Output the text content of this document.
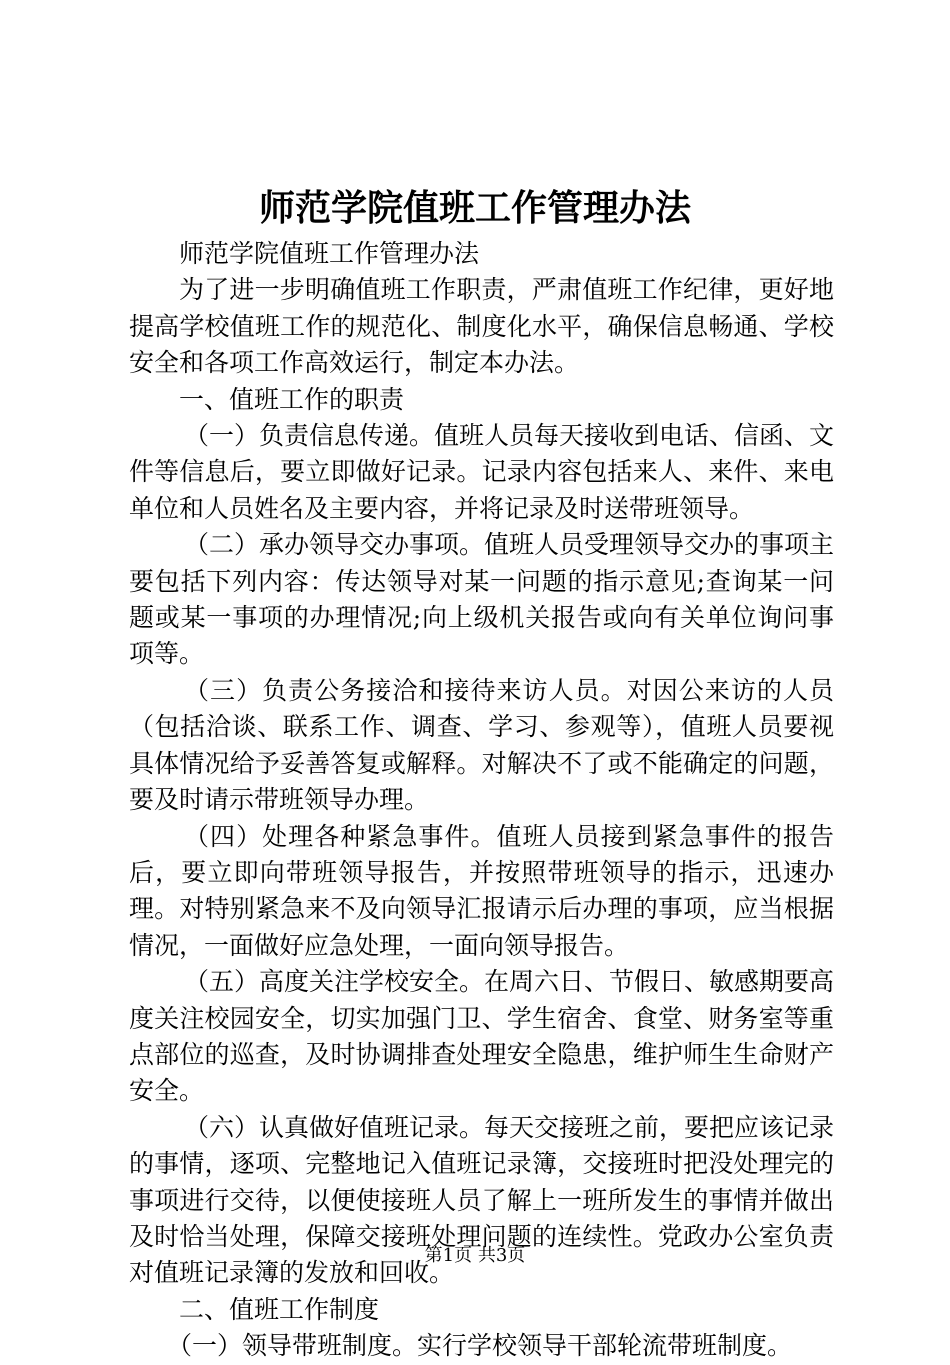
师范学院值班工作管理办法

师范学院值班工作管理办法

为了进一步明确值班工作职责，严肃值班工作纪律，更好地提高学校值班工作的规范化、制度化水平，确保信息畅通、学校安全和各项工作高效运行，制定本办法。

一、值班工作的职责

（一）负责信息传递。值班人员每天接收到电话、信函、文件等信息后，要立即做好记录。记录内容包括来人、来件、来电单位和人员姓名及主要内容，并将记录及时送带班领导。

（二）承办领导交办事项。值班人员受理领导交办的事项主要包括下列内容：传达领导对某一问题的指示意见;查询某一问题或某一事项的办理情况;向上级机关报告或向有关单位询问事项等。

（三）负责公务接洽和接待来访人员。对因公来访的人员（包括洽谈、联系工作、调查、学习、参观等），值班人员要视具体情况给予妥善答复或解释。对解决不了或不能确定的问题，要及时请示带班领导办理。

（四）处理各种紧急事件。值班人员接到紧急事件的报告后，要立即向带班领导报告，并按照带班领导的指示，迅速办理。对特别紧急来不及向领导汇报请示后办理的事项，应当根据情况，一面做好应急处理，一面向领导报告。

（五）高度关注学校安全。在周六日、节假日、敏感期要高度关注校园安全，切实加强门卫、学生宿舍、食堂、财务室等重点部位的巡查，及时协调排查处理安全隐患，维护师生生命财产安全。

（六）认真做好值班记录。每天交接班之前，要把应该记录的事情，逐项、完整地记入值班记录簿，交接班时把没处理完的事项进行交待，以便使接班人员了解上一班所发生的事情并做出及时恰当处理，保障交接班处理问题的连续性。党政办公室负责对值班记录簿的发放和回收。

二、值班工作制度

（一）领导带班制度。实行学校领导干部轮流带班制度。

第1页 共3页
